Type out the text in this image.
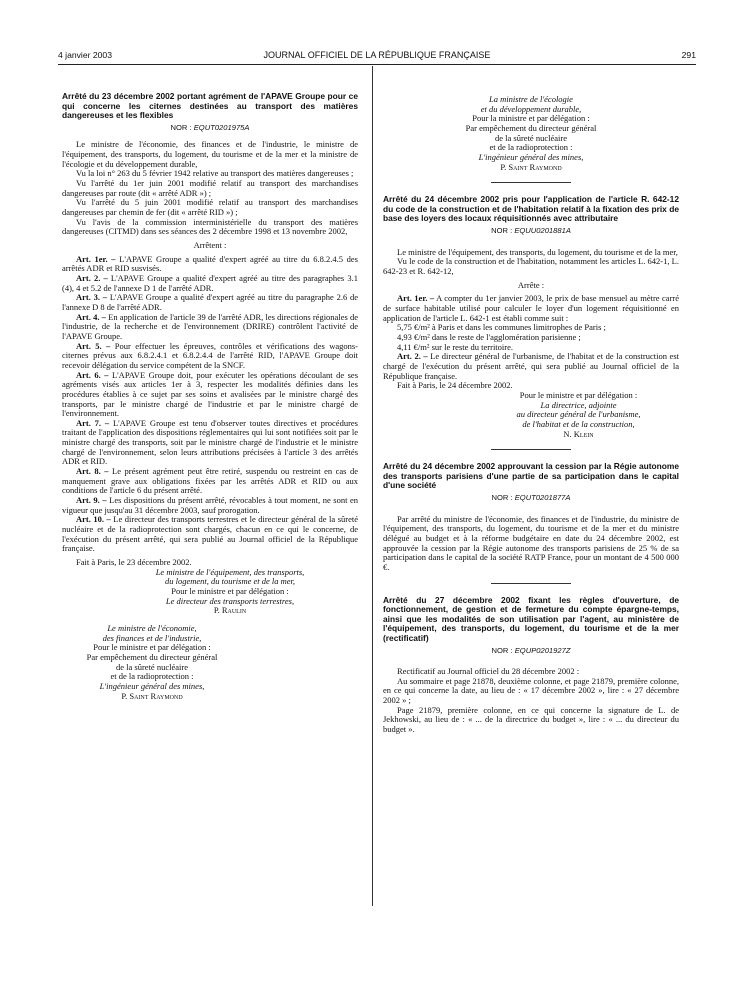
4 janvier 2003	JOURNAL OFFICIEL DE LA RÉPUBLIQUE FRANÇAISE	291

Arrêté du 23 décembre 2002 portant agrément de l'APAVE Groupe pour ce qui concerne les citernes destinées au transport des matières dangereuses et les flexibles

NOR : EQUT0201975A

Le ministre de l'économie, des finances et de l'industrie, le ministre de l'équipement, des transports, du logement, du tourisme et de la mer et la ministre de l'écologie et du développement durable,

Vu la loi n° 263 du 5 février 1942 relative au transport des matières dangereuses ;

Vu l'arrêté du 1er juin 2001 modifié relatif au transport des marchandises dangereuses par route (dit « arrêté ADR ») ;

Vu l'arrêté du 5 juin 2001 modifié relatif au transport des marchandises dangereuses par chemin de fer (dit « arrêté RID ») ;

Vu l'avis de la commission interministérielle du transport des matières dangereuses (CITMD) dans ses séances des 2 décembre 1998 et 13 novembre 2002,

Arrêtent :

Art. 1er. – L'APAVE Groupe a qualité d'expert agréé au titre du 6.8.2.4.5 des arrêtés ADR et RID susvisés.

Art. 2. – L'APAVE Groupe a qualité d'expert agréé au titre des paragraphes 3.1 (4), 4 et 5.2 de l'annexe D 1 de l'arrêté ADR.

Art. 3. – L'APAVE Groupe a qualité d'expert agréé au titre du paragraphe 2.6 de l'annexe D 8 de l'arrêté ADR.

Art. 4. – En application de l'article 39 de l'arrêté ADR, les directions régionales de l'industrie, de la recherche et de l'environnement (DRIRE) contrôlent l'activité de l'APAVE Groupe.

Art. 5. – Pour effectuer les épreuves, contrôles et vérifications des wagons-citernes prévus aux 6.8.2.4.1 et 6.8.2.4.4 de l'arrêté RID, l'APAVE Groupe doit recevoir délégation du service compétent de la SNCF.

Art. 6. – L'APAVE Groupe doit, pour exécuter les opérations découlant de ses agréments visés aux articles 1er à 3, respecter les modalités définies dans les procédures établies à ce sujet par ses soins et avalisées par le ministre chargé des transports, par le ministre chargé de l'industrie et par le ministre chargé de l'environnement.

Art. 7. – L'APAVE Groupe est tenu d'observer toutes directives et procédures traitant de l'application des dispositions réglementaires qui lui sont notifiées soit par le ministre chargé des transports, soit par le ministre chargé de l'industrie et le ministre chargé de l'environnement, selon leurs attributions précisées à l'article 3 des arrêtés ADR et RID.

Art. 8. – Le présent agrément peut être retiré, suspendu ou restreint en cas de manquement grave aux obligations fixées par les arrêtés ADR et RID ou aux conditions de l'article 6 du présent arrêté.

Art. 9. – Les dispositions du présent arrêté, révocables à tout moment, ne sont en vigueur que jusqu'au 31 décembre 2003, sauf prorogation.

Art. 10. – Le directeur des transports terrestres et le directeur général de la sûreté nucléaire et de la radioprotection sont chargés, chacun en ce qui le concerne, de l'exécution du présent arrêté, qui sera publié au Journal officiel de la République française.

Fait à Paris, le 23 décembre 2002.

Le ministre de l'équipement, des transports,
du logement, du tourisme et de la mer,
Pour le ministre et par délégation :
Le directeur des transports terrestres,
P. Raulin
Le ministre de l'économie,
des finances et de l'industrie,
Pour le ministre et par délégation :
Par empêchement du directeur général
de la sûreté nucléaire
et de la radioprotection :
L'ingénieur général des mines,
P. Saint Raymond
La ministre de l'écologie
et du développement durable,
Pour la ministre et par délégation :
Par empêchement du directeur général
de la sûreté nucléaire
et de la radioprotection :
L'ingénieur général des mines,
P. Saint Raymond

Arrêté du 24 décembre 2002 pris pour l'application de l'article R. 642-12 du code de la construction et de l'habitation relatif à la fixation des prix de base des loyers des locaux réquisitionnés avec attributaire

NOR : EQUU0201881A

Le ministre de l'équipement, des transports, du logement, du tourisme et de la mer,

Vu le code de la construction et de l'habitation, notamment les articles L. 642-1, L. 642-23 et R. 642-12,

Arrête :

Art. 1er. – A compter du 1er janvier 2003, le prix de base mensuel au mètre carré de surface habitable utilisé pour calculer le loyer d'un logement réquisitionné en application de l'article L. 642-1 est établi comme suit :

5,75 €/m² à Paris et dans les communes limitrophes de Paris ;

4,93 €/m² dans le reste de l'agglomération parisienne ;

4,11 €/m² sur le reste du territoire.

Art. 2. – Le directeur général de l'urbanisme, de l'habitat et de la construction est chargé de l'exécution du présent arrêté, qui sera publié au Journal officiel de la République française.

Fait à Paris, le 24 décembre 2002.

Pour le ministre et par délégation :
La directrice, adjointe
au directeur général de l'urbanisme,
de l'habitat et de la construction,
N. Klein

Arrêté du 24 décembre 2002 approuvant la cession par la Régie autonome des transports parisiens d'une partie de sa participation dans le capital d'une société

NOR : EQUT0201877A

Par arrêté du ministre de l'économie, des finances et de l'industrie, du ministre de l'équipement, des transports, du logement, du tourisme et de la mer et du ministre délégué au budget et à la réforme budgétaire en date du 24 décembre 2002, est approuvée la cession par la Régie autonome des transports parisiens de 25 % de sa participation dans le capital de la société RATP France, pour un montant de 4 500 000 €.

Arrêté du 27 décembre 2002 fixant les règles d'ouverture, de fonctionnement, de gestion et de fermeture du compte épargne-temps, ainsi que les modalités de son utilisation par l'agent, au ministère de l'équipement, des transports, du logement, du tourisme et de la mer (rectificatif)

NOR : EQUP0201927Z

Rectificatif au Journal officiel du 28 décembre 2002 :

Au sommaire et page 21878, deuxième colonne, et page 21879, première colonne, en ce qui concerne la date, au lieu de : « 17 décembre 2002 », lire : « 27 décembre 2002 » ;

Page 21879, première colonne, en ce qui concerne la signature de L. de Jekhowski, au lieu de : « ... de la directrice du budget », lire : « ... du directeur du budget ».
